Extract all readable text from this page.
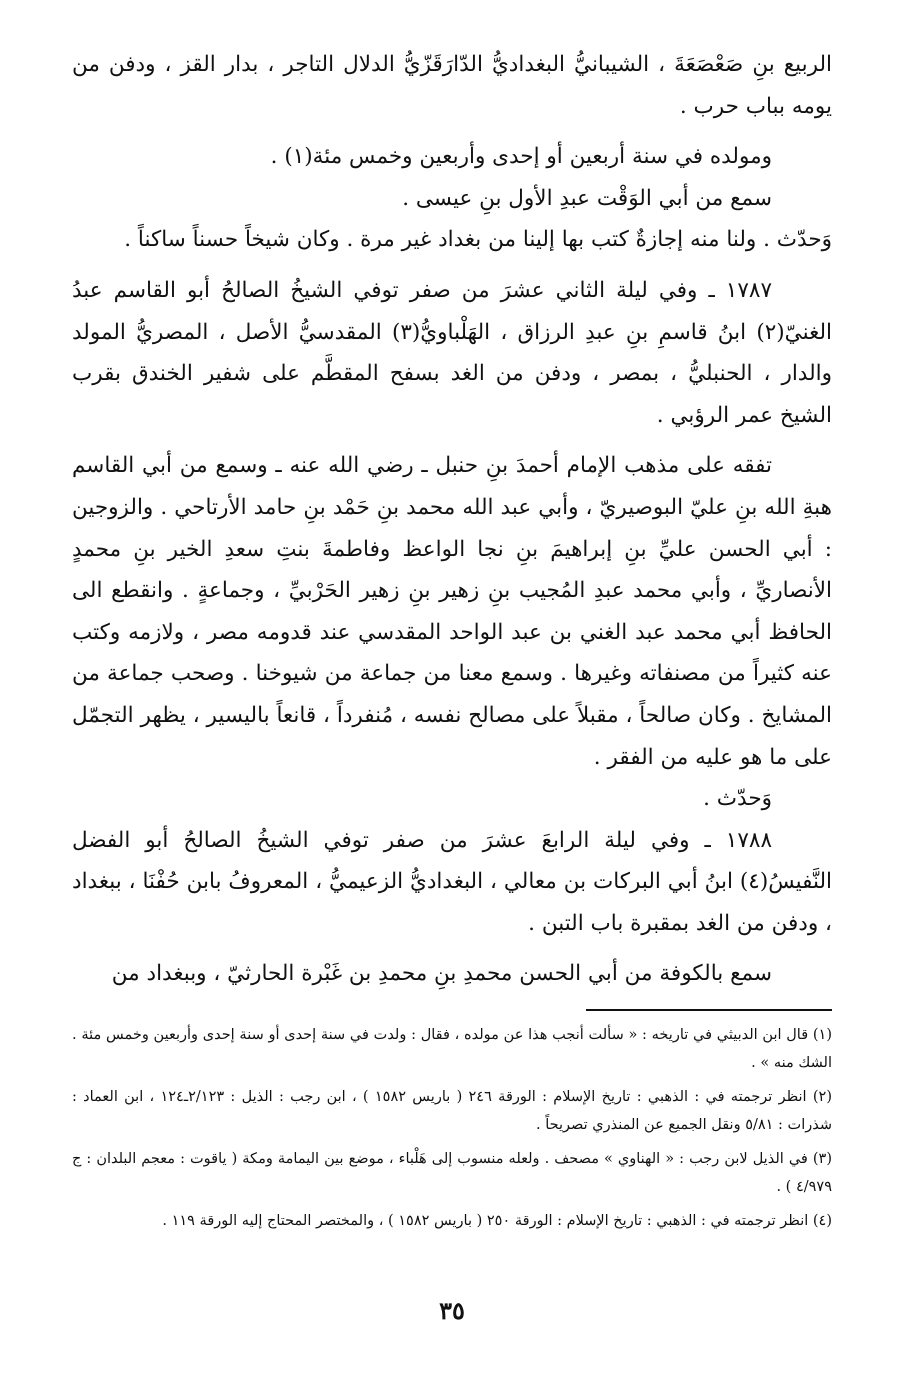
الربيع بنِ صَعْصَعَةَ ، الشيبانيُّ البغداديُّ الدّارَقَزّيُّ الدلال التاجر ، بدار القز ، ودفن من يومه بباب حرب .

ومولده في سنة أربعين أو إحدى وأربعين وخمس مئة(١) .

سمع من أبي الوَقْت عبدِ الأول بنِ عيسى .

وَحدّث . ولنا منه إجازةٌ كتب بها إلينا من بغداد غير مرة . وكان شيخاً حسناً ساكناً .

١٧٨٧ ـ وفي ليلة الثاني عشرَ من صفر توفي الشيخُ الصالحُ أبو القاسم عبدُ الغنيّ(٢) ابنُ قاسمِ بنِ عبدِ الرزاق ، الهَلْباويُّ(٣) المقدسيُّ الأصل ، المصريُّ المولد والدار ، الحنبليُّ ، بمصر ، ودفن من الغد بسفح المقطَّم على شفير الخندق بقرب الشيخ عمر الرؤبي .

تفقه على مذهب الإمام أحمدَ بنِ حنبل ـ رضي الله عنه ـ وسمع من أبي القاسم هبةِ الله بنِ عليّ البوصيريّ ، وأبي عبد الله محمد بنِ حَمْد بنِ حامد الأرتاحي . والزوجين : أبي الحسن عليِّ بنِ إبراهيمَ بنِ نجا الواعظ وفاطمةَ بنتِ سعدِ الخير بنِ محمدٍ الأنصاريِّ ، وأبي محمد عبدِ المُجيب بنِ زهير بنِ زهير الحَرْبيِّ ، وجماعةٍ . وانقطع الى الحافظ أبي محمد عبد الغني بن عبد الواحد المقدسي عند قدومه مصر ، ولازمه وكتب عنه كثيراً من مصنفاته وغيرها . وسمع معنا من جماعة من شيوخنا . وصحب جماعة من المشايخ . وكان صالحاً ، مقبلاً على مصالح نفسه ، مُنفرداً ، قانعاً باليسير ، يظهر التجمّل على ما هو عليه من الفقر .

وَحدّث .

١٧٨٨ ـ وفي ليلة الرابعَ عشرَ من صفر توفي الشيخُ الصالحُ أبو الفضل النَّفيسُ(٤) ابنُ أبي البركات بن معالي ، البغداديُّ الزعيميُّ ، المعروفُ بابن حُفْنَا ، ببغداد ، ودفن من الغد بمقبرة باب التبن .

سمع بالكوفة من أبي الحسن محمدِ بنِ محمدِ بن غَبْرة الحارثيّ ، وببغداد من

(١) قال ابن الدبيثي في تاريخه : « سألت أنجب هذا عن مولده ، فقال : ولدت في سنة إحدى أو سنة إحدى وأربعين وخمس مئة . الشك منه » .

(٢) انظر ترجمته في : الذهبي : تاريخ الإسلام : الورقة ٢٤٦ ( باريس ١٥٨٢ ) ، ابن رجب : الذيل : ٢/١٢٣ـ١٢٤ ، ابن العماد : شذرات : ٥/٨١ ونقل الجميع عن المنذري تصريحاً .

(٣) في الذيل لابن رجب : « الهناوي » مصحف . ولعله منسوب إلى هَلْباء ، موضع بين اليمامة ومكة ( ياقوت : معجم البلدان : ج ٤/٩٧٩ ) .

(٤) انظر ترجمته في : الذهبي : تاريخ الإسلام : الورقة ٢٥٠ ( باريس ١٥٨٢ ) ، والمختصر المحتاج إليه الورقة ١١٩ .

٣٥
